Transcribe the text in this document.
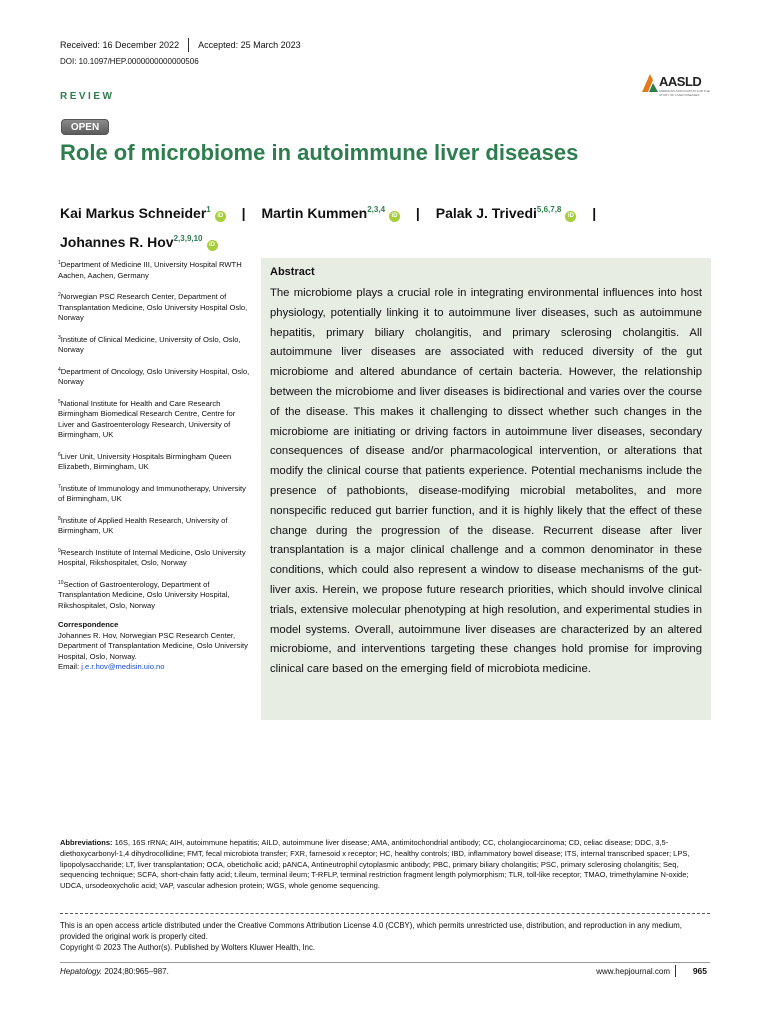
Received: 16 December 2022 Accepted: 25 March 2023
DOI: 10.1097/HEP.0000000000000506
AASLD
AMERICAN ASSOCIATION FOR THE STUDY OF LIVER DISEASES
REVIEW
OPEN
Role of microbiome in autoimmune liver diseases
Kai Markus Schneider$^1$iD | Martin Kummen$^{2,3,4}$iD | Palak J. Trivedi$^{5,6,7,8}$iD |
Johannes R. Hov$^{2,3,9,10}$iD
$^1$Department of Medicine III, University Hospital RWTH Aachen, Aachen, Germany
$^2$Norwegian PSC Research Center, Department of Transplantation Medicine, Oslo University Hospital Oslo, Norway
$^3$Institute of Clinical Medicine, University of Oslo, Oslo, Norway
$^4$Department of Oncology, Oslo University Hospital, Oslo, Norway
$^5$National Institute for Health and Care Research Birmingham Biomedical Research Centre, Centre for Liver and Gastroenterology Research, University of Birmingham, UK
$^6$Liver Unit, University Hospitals Birmingham Queen Elizabeth, Birmingham, UK
$^7$Institute of Immunology and Immunotherapy, University of Birmingham, UK
$^8$Institute of Applied Health Research, University of Birmingham, UK
$^9$Research Institute of Internal Medicine, Oslo University Hospital, Rikshospitalet, Oslo, Norway
$^{10}$Section of Gastroenterology, Department of Transplantation Medicine, Oslo University Hospital, Rikshospitalet, Oslo, Norway
Correspondence
Johannes R. Hov, Norwegian PSC Research Center, Department of Transplantation Medicine, Oslo University Hospital, Oslo, Norway.
Email: j.e.r.hov@medisin.uio.no
Abstract

The microbiome plays a crucial role in integrating environmental influences into host physiology, potentially linking it to autoimmune liver diseases, such as autoimmune hepatitis, primary biliary cholangitis, and primary sclerosing cholangitis. All autoimmune liver diseases are associated with reduced diversity of the gut microbiome and altered abundance of certain bacteria. However, the relationship between the microbiome and liver diseases is bidirectional and varies over the course of the disease. This makes it challenging to dissect whether such changes in the microbiome are initiating or driving factors in autoimmune liver diseases, secondary consequences of disease and/or pharmacological intervention, or alterations that modify the clinical course that patients experience. Potential mechanisms include the presence of pathobionts, disease-modifying microbial metabolites, and more nonspecific reduced gut barrier function, and it is highly likely that the effect of these change during the progression of the disease. Recurrent disease after liver transplantation is a major clinical challenge and a common denominator in these conditions, which could also represent a window to disease mechanisms of the gut-liver axis. Herein, we propose future research priorities, which should involve clinical trials, extensive molecular phenotyping at high resolution, and experimental studies in model systems. Overall, autoimmune liver diseases are characterized by an altered microbiome, and interventions targeting these changes hold promise for improving clinical care based on the emerging field of microbiota medicine.

Abbreviations: 16S, 16S rRNA; AIH, autoimmune hepatitis; AILD, autoimmune liver disease; AMA, antimitochondrial antibody; CC, cholangiocarcinoma; CD, celiac disease; DDC, 3,5-diethoxycarbonyl-1,4 dihydrocollidine; FMT, fecal microbiota transfer; FXR, farnesoid x receptor; HC, healthy controls; IBD, inflammatory bowel disease; ITS, internal transcribed spacer; LPS, lipopolysaccharide; LT, liver transplantation; OCA, obeticholic acid; pANCA, Antineutrophil cytoplasmic antibody; PBC, primary biliary cholangitis; PSC, primary sclerosing cholangitis; Seq, sequencing technique; SCFA, short-chain fatty acid; t.ileum, terminal ileum; T-RFLP, terminal restriction fragment length polymorphism; TLR, toll-like receptor; TMAO, trimethylamine N-oxide; UDCA, ursodeoxycholic acid; VAP, vascular adhesion protein; WGS, whole genome sequencing.
This is an open access article distributed under the Creative Commons Attribution License 4.0 (CCBY), which permits unrestricted use, distribution, and reproduction in any medium, provided the original work is properly cited.
Copyright © 2023 The Author(s). Published by Wolters Kluwer Health, Inc.
Hepatology. 2024;80:965–987.	www.hepjournal.com	965
